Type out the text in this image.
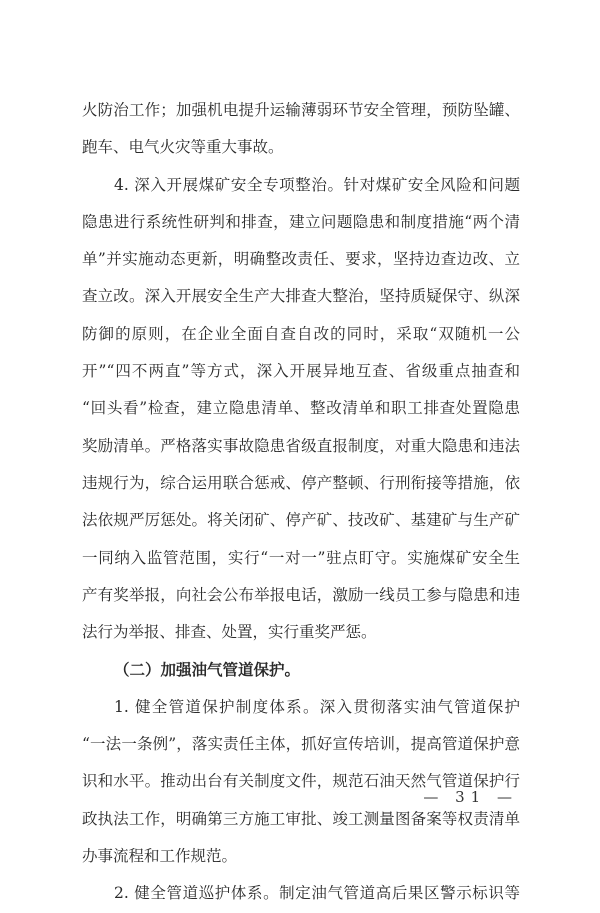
火防治工作；加强机电提升运输薄弱环节安全管理，预防坠罐、
跑车、电气火灾等重大事故。
4. 深入开展煤矿安全专项整治。针对煤矿安全风险和问题
隐患进行系统性研判和排查，建立问题隐患和制度措施“两个清
单”并实施动态更新，明确整改责任、要求，坚持边查边改、立
查立改。深入开展安全生产大排查大整治，坚持质疑保守、纵深
防御的原则，在企业全面自查自改的同时，采取“双随机一公
开”“四不两直”等方式，深入开展异地互查、省级重点抽查和
“回头看”检查，建立隐患清单、整改清单和职工排查处置隐患
奖励清单。严格落实事故隐患省级直报制度，对重大隐患和违法
违规行为，综合运用联合惩戒、停产整顿、行刑衔接等措施，依
法依规严厉惩处。将关闭矿、停产矿、技改矿、基建矿与生产矿
一同纳入监管范围，实行“一对一”驻点盯守。实施煤矿安全生
产有奖举报，向社会公布举报电话，激励一线员工参与隐患和违
法行为举报、排查、处置，实行重奖严惩。
（二）加强油气管道保护。
1. 健全管道保护制度体系。深入贯彻落实油气管道保护
“一法一条例”，落实责任主体，抓好宣传培训，提高管道保护意
识和水平。推动出台有关制度文件，规范石油天然气管道保护行
政执法工作，明确第三方施工审批、竣工测量图备案等权责清单
办事流程和工作规范。
2. 健全管道巡护体系。制定油气管道高后果区警示标识等
— 31 —
